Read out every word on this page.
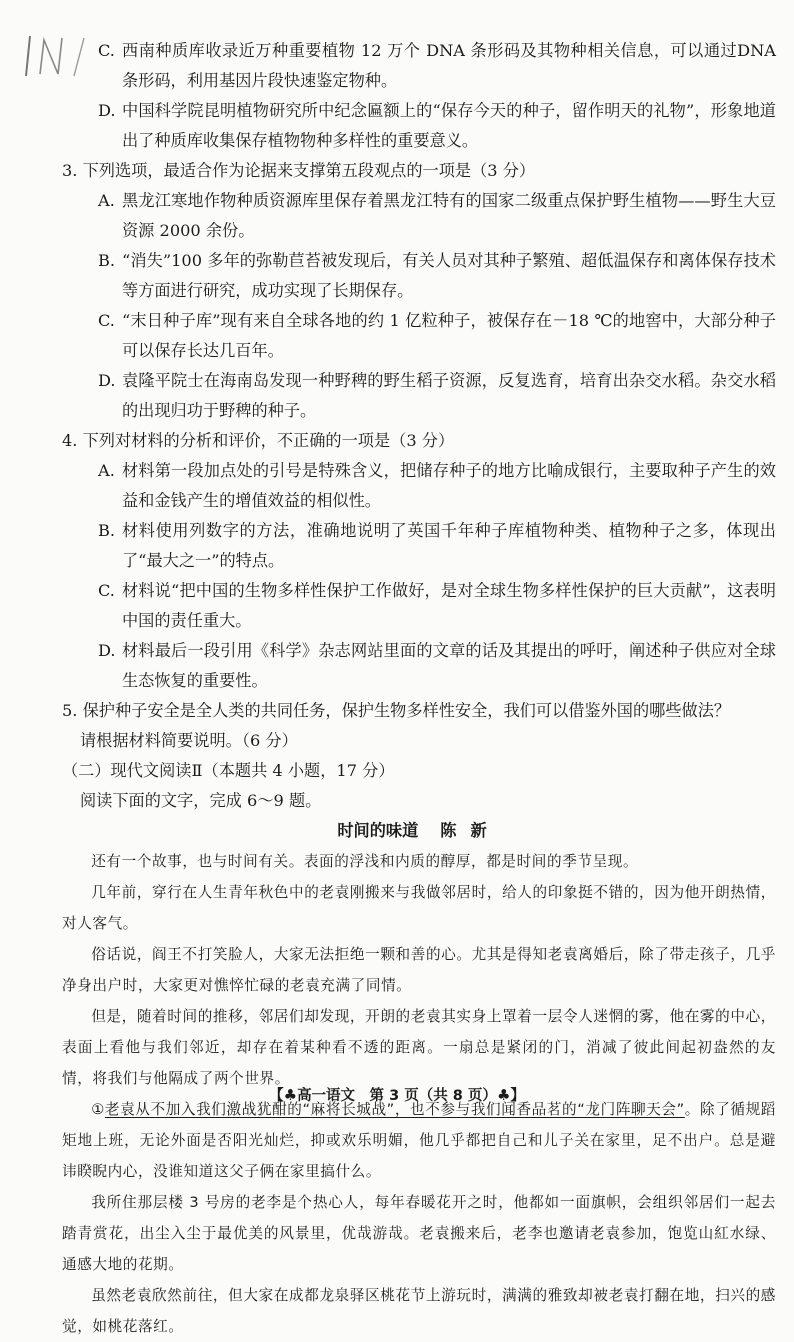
C. 西南种质库收录近万种重要植物 12 万个 DNA 条形码及其物种相关信息，可以通过DNA 条形码，利用基因片段快速鉴定物种。

D. 中国科学院昆明植物研究所中纪念匾额上的“保存今天的种子，留作明天的礼物”，形象地道出了种质库收集保存植物物种多样性的重要意义。

3. 下列选项，最适合作为论据来支撑第五段观点的一项是（3 分）

A. 黑龙江寒地作物种质资源库里保存着黑龙江特有的国家二级重点保护野生植物——野生大豆资源 2000 余份。

B. “消失”100 多年的弥勒苣苔被发现后，有关人员对其种子繁殖、超低温保存和离体保存技术等方面进行研究，成功实现了长期保存。

C. “末日种子库”现有来自全球各地的约 1 亿粒种子，被保存在－18 ℃的地窖中，大部分种子可以保存长达几百年。

D. 袁隆平院士在海南岛发现一种野稗的野生稻子资源，反复选育，培育出杂交水稻。杂交水稻的出现归功于野稗的种子。

4. 下列对材料的分析和评价，不正确的一项是（3 分）

A. 材料第一段加点处的引号是特殊含义，把储存种子的地方比喻成银行，主要取种子产生的效益和金钱产生的增值效益的相似性。

B. 材料使用列数字的方法，准确地说明了英国千年种子库植物种类、植物种子之多，体现出了“最大之一”的特点。

C. 材料说“把中国的生物多样性保护工作做好，是对全球生物多样性保护的巨大贡献”，这表明中国的责任重大。

D. 材料最后一段引用《科学》杂志网站里面的文章的话及其提出的呼吁，阐述种子供应对全球生态恢复的重要性。

5. 保护种子安全是全人类的共同任务，保护生物多样性安全，我们可以借鉴外国的哪些做法？
请根据材料简要说明。（6 分）

（二）现代文阅读Ⅱ（本题共 4 小题，17 分）

阅读下面的文字，完成 6～9 题。

时间的味道 陈新

还有一个故事，也与时间有关。表面的浮浅和内质的醇厚，都是时间的季节呈现。

几年前，穿行在人生青年秋色中的老袁刚搬来与我做邻居时，给人的印象挺不错的，因为他开朗热情，对人客气。

俗话说，阎王不打笑脸人，大家无法拒绝一颗和善的心。尤其是得知老袁离婚后，除了带走孩子，几乎净身出户时，大家更对憔悴忙碌的老袁充满了同情。

但是，随着时间的推移，邻居们却发现，开朗的老袁其实身上罩着一层令人迷惘的雾，他在雾的中心，表面上看他与我们邻近，却存在着某种看不透的距离。一扇总是紧闭的门，消减了彼此间起初盎然的友情，将我们与他隔成了两个世界。

①老袁从不加入我们激战犹酣的“麻将长城战”，也不参与我们闻香品茗的“龙门阵聊天会”。除了循规蹈矩地上班，无论外面是否阳光灿烂，抑或欢乐明媚，他几乎都把自己和儿子关在家里，足不出户。总是避讳睽睨内心，没谁知道这父子俩在家里搞什么。

我所住那层楼 3 号房的老李是个热心人，每年春暖花开之时，他都如一面旗帜，会组织邻居们一起去踏青赏花，出尘入尘于最优美的风景里，优哉游哉。老袁搬来后，老李也邀请老袁参加，饱览山紅水绿、通感大地的花期。

虽然老袁欣然前往，但大家在成都龙泉驿区桃花节上游玩时，满满的雅致却被老袁打翻在地，扫兴的感觉，如桃花落红。

【♣高一语文　第 3 页（共 8 页）♣】
